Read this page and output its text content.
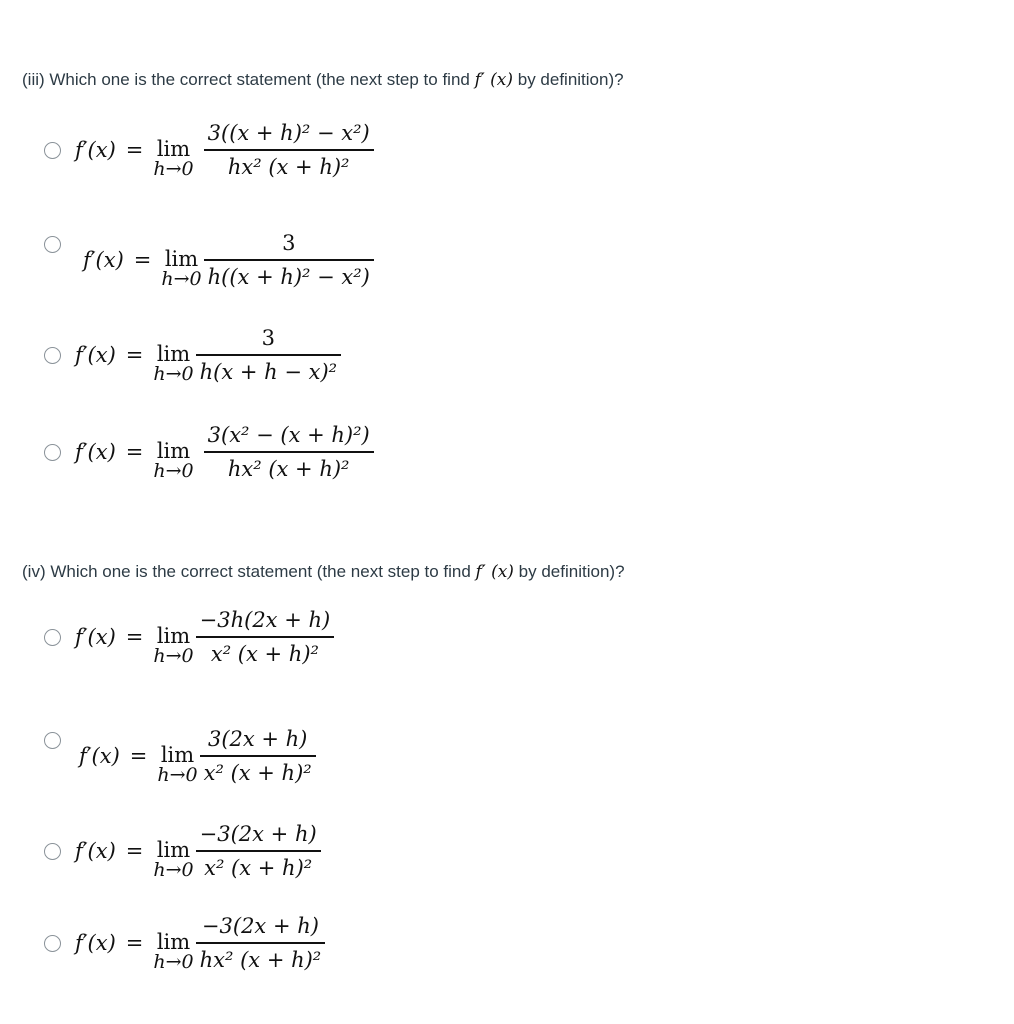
(iii) Which one is the correct statement (the next step to find f′ (x) by definition)?
f′(x) = lim
$h\to 0 \frac{\text{3((x + h)² − x²)}}{\text{hx² (x + h)²}}$
f′(x) = lim
$h\to 0 \frac{3}{\text{h((x + h)² − x²)}}$
f′(x) = lim
$h\to 0 \frac{3}{\text{h(x + h − x)²}}$
f′(x) = lim
$h\to 0 \frac{\text{3(x² − (x + h)²)}}{\text{hx² (x + h)²}}$
(iv) Which one is the correct statement (the next step to find f′ (x) by definition)?
f′(x) = lim
$h\to 0 \frac{-3h(2x + h)}{\text{x² (x + h)²}}$
f′(x) = lim
$h\to 0 \frac{3(2x + h)}{\text{x² (x + h)²}}$
f′(x) = lim
$h\to 0 \frac{-3(2x + h)}{\text{x² (x + h)²}}$
f′(x) = lim
$h\to 0 \frac{-3(2x + h)}{\text{hx² (x + h)²}}$
